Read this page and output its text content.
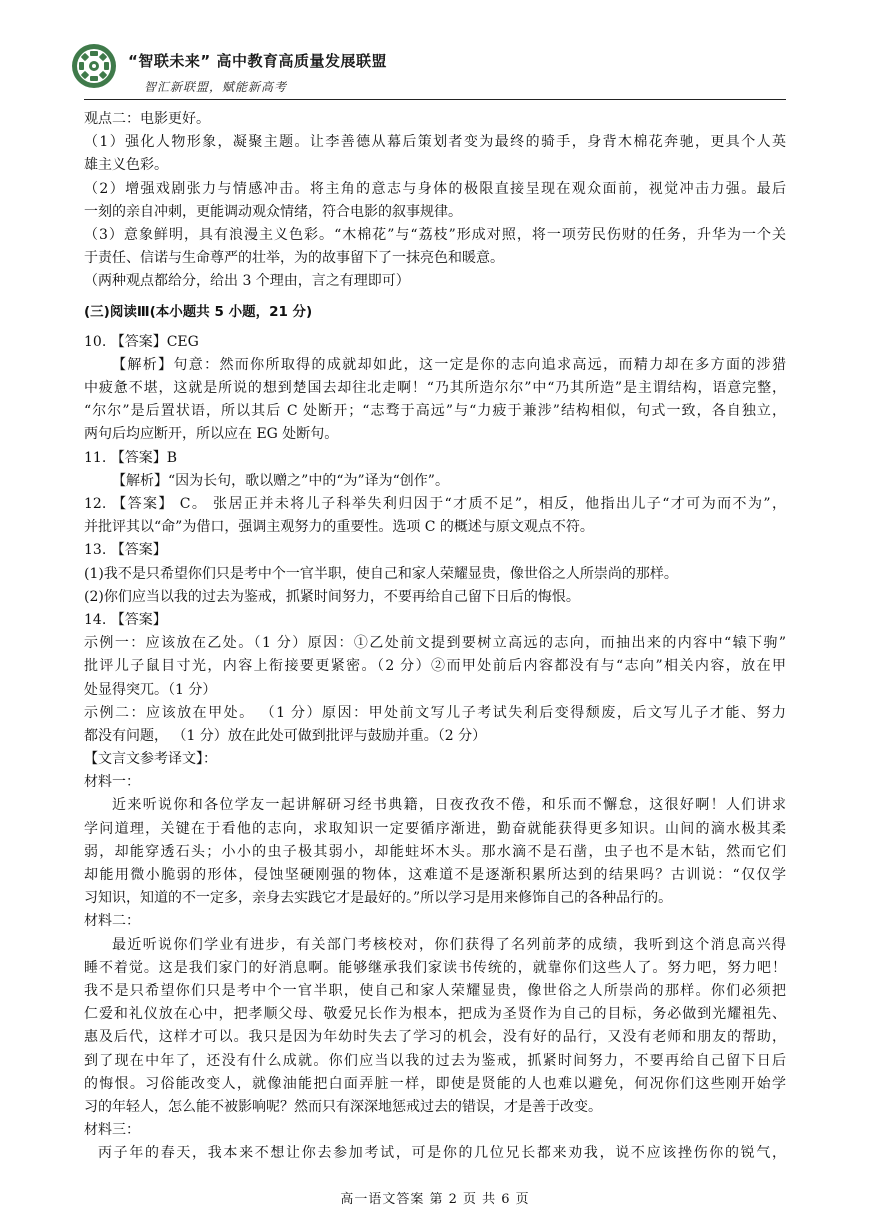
“智联未来” 高中教育高质量发展联盟
智汇新联盟，赋能新高考
观点二：电影更好。
（1）强化人物形象，凝聚主题。让李善德从幕后策划者变为最终的骑手，身背木棉花奔驰，更具个人英
雄主义色彩。
（2）增强戏剧张力与情感冲击。将主角的意志与身体的极限直接呈现在观众面前，视觉冲击力强。最后
一刻的亲自冲刺，更能调动观众情绪，符合电影的叙事规律。
（3）意象鲜明，具有浪漫主义色彩。“木棉花”与“荔枝”形成对照，将一项劳民伤财的任务，升华为一个关
于责任、信诺与生命尊严的壮举，为的故事留下了一抹亮色和暖意。
（两种观点都给分，给出 3 个理由，言之有理即可）
(三)阅读Ⅲ(本小题共 5 小题，21 分)
10. 【答案】CEG
【解析】句意：然而你所取得的成就却如此，这一定是你的志向追求高远，而精力却在多方面的涉猎
中疲惫不堪，这就是所说的想到楚国去却往北走啊！“乃其所造尔尔”中“乃其所造”是主谓结构，语意完整，
“尔尔”是后置状语，所以其后 C 处断开；“志骛于高远”与“力疲于兼涉”结构相似，句式一致，各自独立，
两句后均应断开，所以应在 EG 处断句。
11. 【答案】B
【解析】“因为长句，歌以赠之”中的“为”译为“创作”。
12. 【答案】 C。 张居正并未将儿子科举失利归因于“才质不足”，相反，他指出儿子“才可为而不为”，
并批评其以“命”为借口，强调主观努力的重要性。选项 C 的概述与原文观点不符。
13. 【答案】
(1)我不是只希望你们只是考中个一官半职，使自己和家人荣耀显贵，像世俗之人所崇尚的那样。
(2)你们应当以我的过去为鉴戒，抓紧时间努力，不要再给自己留下日后的悔恨。
14. 【答案】
示例一：应该放在乙处。（1 分）原因：①乙处前文提到要树立高远的志向，而抽出来的内容中“辕下驹”
批评儿子鼠目寸光，内容上衔接要更紧密。（2 分）②而甲处前后内容都没有与“志向”相关内容，放在甲
处显得突兀。（1 分）
示例二：应该放在甲处。 （1 分）原因：甲处前文写儿子考试失利后变得颓废，后文写儿子才能、努力
都没有问题， （1 分）放在此处可做到批评与鼓励并重。（2 分）
【文言文参考译文】：
材料一：
近来听说你和各位学友一起讲解研习经书典籍，日夜孜孜不倦，和乐而不懈怠，这很好啊！人们讲求
学问道理，关键在于看他的志向，求取知识一定要循序渐进，勤奋就能获得更多知识。山间的滴水极其柔
弱，却能穿透石头；小小的虫子极其弱小，却能蛀坏木头。那水滴不是石凿，虫子也不是木钻，然而它们
却能用微小脆弱的形体，侵蚀坚硬刚强的物体，这难道不是逐渐积累所达到的结果吗？古训说：“仅仅学
习知识，知道的不一定多，亲身去实践它才是最好的。”所以学习是用来修饰自己的各种品行的。
材料二：
最近听说你们学业有进步，有关部门考核校对，你们获得了名列前茅的成绩，我听到这个消息高兴得
睡不着觉。这是我们家门的好消息啊。能够继承我们家读书传统的，就靠你们这些人了。努力吧，努力吧！
我不是只希望你们只是考中个一官半职，使自己和家人荣耀显贵，像世俗之人所崇尚的那样。你们必须把
仁爱和礼仪放在心中，把孝顺父母、敬爱兄长作为根本，把成为圣贤作为自己的目标，务必做到光耀祖先、
惠及后代，这样才可以。我只是因为年幼时失去了学习的机会，没有好的品行，又没有老师和朋友的帮助，
到了现在中年了，还没有什么成就。你们应当以我的过去为鉴戒，抓紧时间努力，不要再给自己留下日后
的悔恨。习俗能改变人，就像油能把白面弄脏一样，即使是贤能的人也难以避免，何况你们这些刚开始学
习的年轻人，怎么能不被影响呢？然而只有深深地惩戒过去的错误，才是善于改变。
材料三：
丙子年的春天，我本来不想让你去参加考试，可是你的几位兄长都来劝我，说不应该挫伤你的锐气，
高一语文答案 第 2 页 共 6 页
